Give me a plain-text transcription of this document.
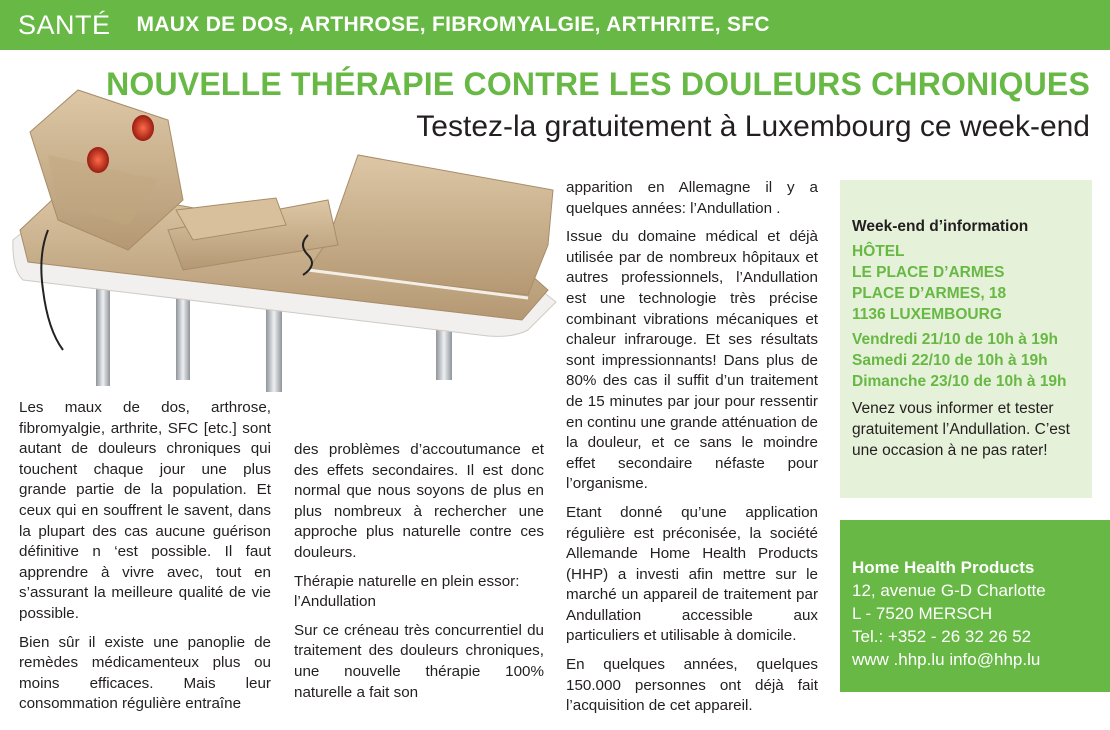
SANTÉ MAUX DE DOS, ARTHROSE, FIBROMYALGIE, ARTHRITE, SFC
NOUVELLE THÉRAPIE CONTRE LES DOULEURS CHRONIQUES
Testez-la gratuitement à Luxembourg ce week-end

Les maux de dos, arthrose, fibromyalgie, arthrite, SFC [etc.] sont autant de douleurs chroniques qui touchent chaque jour une plus grande partie de la population. Et ceux qui en souffrent le savent, dans la plupart des cas aucune guérison définitive n ‘est possible. Il faut apprendre à vivre avec, tout en s’assurant la meilleure qualité de vie possible.

Bien sûr il existe une panoplie de remèdes médicamenteux plus ou moins efficaces. Mais leur consommation régulière entraîne

des problèmes d’accoutumance et des effets secondaires. Il est donc normal que nous soyons de plus en plus nombreux à rechercher une approche plus naturelle contre ces douleurs.

Thérapie naturelle en plein essor: l’Andullation

Sur ce créneau très concurrentiel du traitement des douleurs chroniques, une nouvelle thérapie 100% naturelle a fait son

apparition en Allemagne il y a quelques années: l’Andullation .

Issue du domaine médical et déjà utilisée par de nombreux hôpitaux et autres professionnels, l’Andullation est une technologie très précise combinant vibrations mécaniques et chaleur infrarouge. Et ses résultats sont impressionnants! Dans plus de 80% des cas il suffit d’un traitement de 15 minutes par jour pour ressentir en continu une grande atténuation de la douleur, et ce sans le moindre effet secondaire néfaste pour l’organisme.

Etant donné qu’une application régulière est préconisée, la société Allemande Home Health Products (HHP) a investi afin mettre sur le marché un appareil de traitement par Andullation accessible aux particuliers et utilisable à domicile.

En quelques années, quelques 150.000 personnes ont déjà fait l’acquisition de cet appareil.

Week-end d’information
HÔTEL
LE PLACE D’ARMES
PLACE D’ARMES, 18
1136 LUXEMBOURG
Vendredi 21/10 de 10h à 19h
Samedi 22/10 de 10h à 19h
Dimanche 23/10 de 10h à 19h
Venez vous informer et tester gratuitement l’Andullation. C’est une occasion à ne pas rater!
Home Health Products
12, avenue G-D Charlotte
L - 7520 MERSCH
Tel.: +352 - 26 32 26 52
www .hhp.lu info@hhp.lu
